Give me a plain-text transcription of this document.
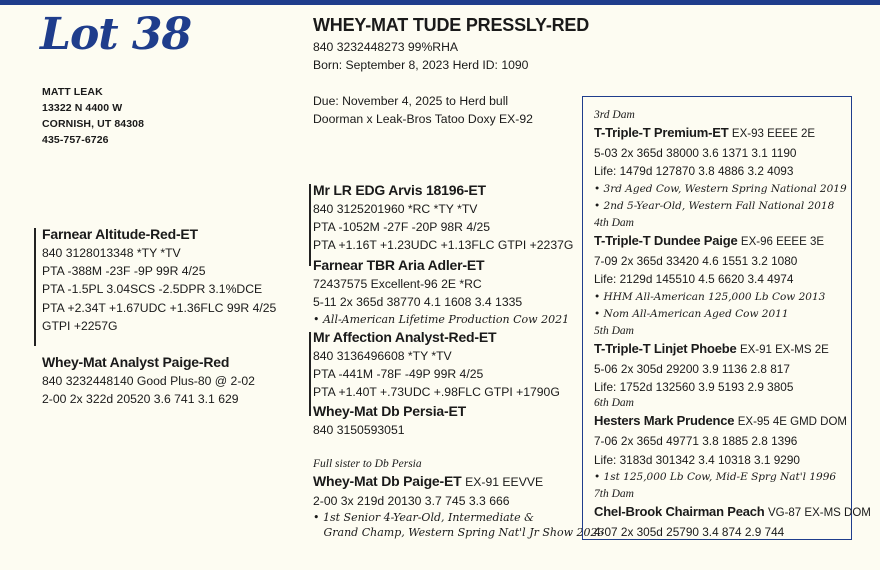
Lot 38
MATT LEAK
13322 N 4400 W
CORNISH, UT 84308
435-757-6726
WHEY-MAT TUDE PRESSLY-RED
840 3232448273 99%RHA
Born: September 8, 2023 Herd ID: 1090
Due: November 4, 2025 to Herd bull
Doorman x Leak-Bros Tatoo Doxy EX-92
Farnear Altitude-Red-ET
840 3128013348 *TY *TV
PTA -388M -23F -9P 99R 4/25
PTA -1.5PL 3.04SCS -2.5DPR 3.1%DCE
PTA +2.34T +1.67UDC +1.36FLC 99R 4/25
GTPI +2257G
Whey-Mat Analyst Paige-Red
840 3232448140 Good Plus-80 @ 2-02
2-00 2x 322d 20520 3.6 741 3.1 629
Mr LR EDG Arvis 18196-ET
840 3125201960 *RC *TY *TV
PTA -1052M -27F -20P 98R 4/25
PTA +1.16T +1.23UDC +1.13FLC GTPI +2237G
Farnear TBR Aria Adler-ET
72437575 Excellent-96 2E *RC
5-11 2x 365d 38770 4.1 1608 3.4 1335
• All-American Lifetime Production Cow 2021
Mr Affection Analyst-Red-ET
840 3136496608 *TY *TV
PTA -441M -78F -49P 99R 4/25
PTA +1.40T +.73UDC +.98FLC GTPI +1790G
Whey-Mat Db Persia-ET
840 3150593051
Full sister to Db Persia
Whey-Mat Db Paige-ET EX-91 EEVVE
2-00 3x 219d 20130 3.7 745 3.3 666
• 1st Senior 4-Year-Old, Intermediate &
Grand Champ, Western Spring Nat'l Jr Show 2023
3rd Dam
T-Triple-T Premium-ET EX-93 EEEE 2E
5-03 2x 365d 38000 3.6 1371 3.1 1190
Life: 1479d 127870 3.8 4886 3.2 4093
• 3rd Aged Cow, Western Spring National 2019
• 2nd 5-Year-Old, Western Fall National 2018
4th Dam
T-Triple-T Dundee Paige EX-96 EEEE 3E
7-09 2x 365d 33420 4.6 1551 3.2 1080
Life: 2129d 145510 4.5 6620 3.4 4974
• HHM All-American 125,000 Lb Cow 2013
• Nom All-American Aged Cow 2011
5th Dam
T-Triple-T Linjet Phoebe EX-91 EX-MS 2E
5-06 2x 305d 29200 3.9 1136 2.8 817
Life: 1752d 132560 3.9 5193 2.9 3805
6th Dam
Hesters Mark Prudence EX-95 4E GMD DOM
7-06 2x 365d 49771 3.8 1885 2.8 1396
Life: 3183d 301342 3.4 10318 3.1 9290
• 1st 125,000 Lb Cow, Mid-E Sprg Nat'l 1996
7th Dam
Chel-Brook Chairman Peach VG-87 EX-MS DOM
4-07 2x 305d 25790 3.4 874 2.9 744
